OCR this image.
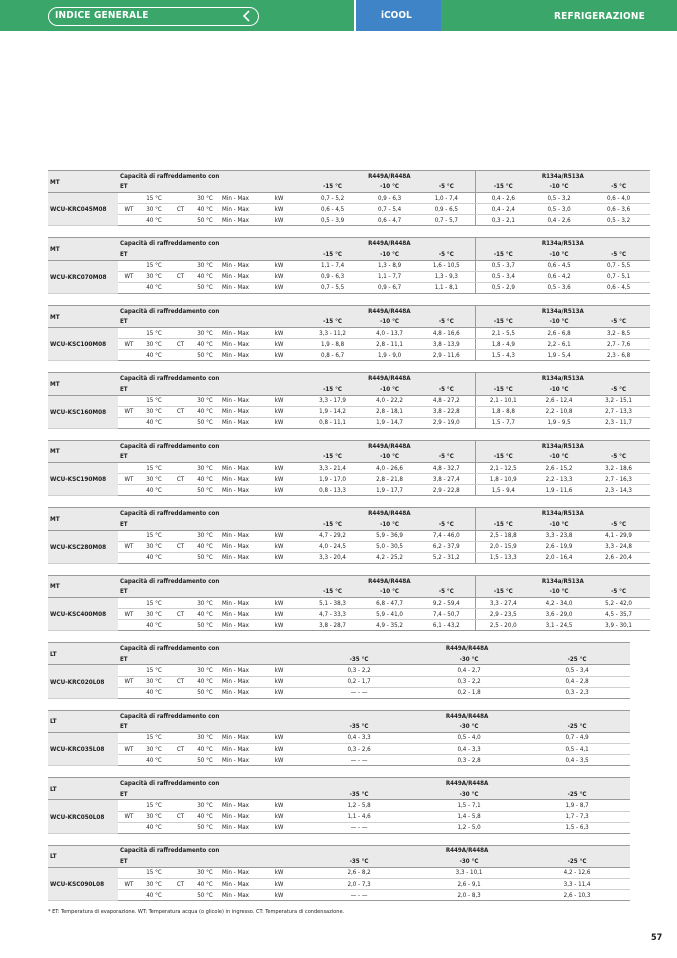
INDICE GENERALE	iCOOL	REFRIGERAZIONE
MT	Capacità di raffreddamento con						R449A/R448A			R134a/R513A		
	ET						-15 °C	-10 °C	-5 °C	-15 °C	-10 °C	-5 °C
WCU-KRC045M08		15 °C		30 °C	Min - Max	kW	0,7 - 5,2	0,9 - 6,3	1,0 - 7,4	0,4 - 2,6	0,5 - 3,2	0,6 - 4,0
	WT	30 °C	CT	40 °C	Min - Max	kW	0,6 - 4,5	0,7 - 5,4	0,9 - 6,5	0,4 - 2,4	0,5 - 3,0	0,6 - 3,6
		40 °C		50 °C	Min - Max	kW	0,5 - 3,9	0,6 - 4,7	0,7 - 5,7	0,3 - 2,1	0,4 - 2,6	0,5 - 3,2
MT	Capacità di raffreddamento con						R449A/R448A			R134a/R513A		
	ET						-15 °C	-10 °C	-5 °C	-15 °C	-10 °C	-5 °C
WCU-KRC070M08		15 °C		30 °C	Min - Max	kW	1,1 - 7,4	1,3 - 8,9	1,6 - 10,5	0,5 - 3,7	0,6 - 4,5	0,7 - 5,5
	WT	30 °C	CT	40 °C	Min - Max	kW	0,9 - 6,3	1,1 - 7,7	1,3 - 9,3	0,5 - 3,4	0,6 - 4,2	0,7 - 5,1
		40 °C		50 °C	Min - Max	kW	0,7 - 5,5	0,9 - 6,7	1,1 - 8,1	0,5 - 2,9	0,5 - 3,6	0,6 - 4,5
MT	Capacità di raffreddamento con						R449A/R448A			R134a/R513A		
	ET						-15 °C	-10 °C	-5 °C	-15 °C	-10 °C	-5 °C
WCU-KSC100M08		15 °C		30 °C	Min - Max	kW	3,3 - 11,2	4,0 - 13,7	4,8 - 16,6	2,1 - 5,5	2,6 - 6,8	3,2 - 8,5
	WT	30 °C	CT	40 °C	Min - Max	kW	1,9 - 8,8	2,8 - 11,1	3,8 - 13,9	1,8 - 4,9	2,2 - 6,1	2,7 - 7,6
		40 °C		50 °C	Min - Max	kW	0,8 - 6,7	1,9 - 9,0	2,9 - 11,6	1,5 - 4,3	1,9 - 5,4	2,3 - 6,8
MT	Capacità di raffreddamento con						R449A/R448A			R134a/R513A		
	ET						-15 °C	-10 °C	-5 °C	-15 °C	-10 °C	-5 °C
WCU-KSC160M08		15 °C		30 °C	Min - Max	kW	3,3 - 17,9	4,0 - 22,2	4,8 - 27,2	2,1 - 10,1	2,6 - 12,4	3,2 - 15,1
	WT	30 °C	CT	40 °C	Min - Max	kW	1,9 - 14,2	2,8 - 18,1	3,8 - 22,8	1,8 - 8,8	2,2 - 10,8	2,7 - 13,3
		40 °C		50 °C	Min - Max	kW	0,8 - 11,1	1,9 - 14,7	2,9 - 19,0	1,5 - 7,7	1,9 - 9,5	2,3 - 11,7
MT	Capacità di raffreddamento con						R449A/R448A			R134a/R513A		
	ET						-15 °C	-10 °C	-5 °C	-15 °C	-10 °C	-5 °C
WCU-KSC190M08		15 °C		30 °C	Min - Max	kW	3,3 - 21,4	4,0 - 26,6	4,8 - 32,7	2,1 - 12,5	2,6 - 15,2	3,2 - 18,6
	WT	30 °C	CT	40 °C	Min - Max	kW	1,9 - 17,0	2,8 - 21,8	3,8 - 27,4	1,8 - 10,9	2,2 - 13,3	2,7 - 16,3
		40 °C		50 °C	Min - Max	kW	0,8 - 13,3	1,9 - 17,7	2,9 - 22,8	1,5 - 9,4	1,9 - 11,6	2,3 - 14,3
MT	Capacità di raffreddamento con						R449A/R448A			R134a/R513A		
	ET						-15 °C	-10 °C	-5 °C	-15 °C	-10 °C	-5 °C
WCU-KSC280M08		15 °C		30 °C	Min - Max	kW	4,7 - 29,2	5,9 - 36,9	7,4 - 46,0	2,5 - 18,8	3,3 - 23,8	4,1 - 29,9
	WT	30 °C	CT	40 °C	Min - Max	kW	4,0 - 24,5	5,0 - 30,5	6,2 - 37,9	2,0 - 15,9	2,6 - 19,9	3,3 - 24,8
		40 °C		50 °C	Min - Max	kW	3,3 - 20,4	4,2 - 25,2	5,2 - 31,2	1,5 - 13,3	2,0 - 16,4	2,6 - 20,4
MT	Capacità di raffreddamento con						R449A/R448A			R134a/R513A		
	ET						-15 °C	-10 °C	-5 °C	-15 °C	-10 °C	-5 °C
WCU-KSC400M08		15 °C		30 °C	Min - Max	kW	5,1 - 38,3	6,8 - 47,7	9,2 - 59,4	3,3 - 27,4	4,2 - 34,0	5,2 - 42,0
	WT	30 °C	CT	40 °C	Min - Max	kW	4,7 - 33,3	5,9 - 41,0	7,4 - 50,7	2,9 - 23,5	3,6 - 29,0	4,5 - 35,7
		40 °C		50 °C	Min - Max	kW	3,8 - 28,7	4,9 - 35,2	6,1 - 43,2	2,5 - 20,0	3,1 - 24,5	3,9 - 30,1
LT	Capacità di raffreddamento con						R449A/R448A		
	ET						-35 °C	-30 °C	-25 °C
WCU-KRC020L08		15 °C		30 °C	Min - Max	kW	0,3 - 2,2	0,4 - 2,7	0,5 - 3,4
	WT	30 °C	CT	40 °C	Min - Max	kW	0,2 - 1,7	0,3 - 2,2	0,4 - 2,8
		40 °C		50 °C	Min - Max	kW	— - —	0,2 - 1,8	0,3 - 2,3
LT	Capacità di raffreddamento con						R449A/R448A		
	ET						-35 °C	-30 °C	-25 °C
WCU-KRC035L08		15 °C		30 °C	Min - Max	kW	0,4 - 3,3	0,5 - 4,0	0,7 - 4,9
	WT	30 °C	CT	40 °C	Min - Max	kW	0,3 - 2,6	0,4 - 3,3	0,5 - 4,1
		40 °C		50 °C	Min - Max	kW	— - —	0,3 - 2,8	0,4 - 3,5
LT	Capacità di raffreddamento con						R449A/R448A		
	ET						-35 °C	-30 °C	-25 °C
WCU-KRC050L08		15 °C		30 °C	Min - Max	kW	1,2 - 5,8	1,5 - 7,1	1,9 - 8,7
	WT	30 °C	CT	40 °C	Min - Max	kW	1,1 - 4,6	1,4 - 5,8	1,7 - 7,3
		40 °C		50 °C	Min - Max	kW	— - —	1,2 - 5,0	1,5 - 6,3
LT	Capacità di raffreddamento con						R449A/R448A		
	ET						-35 °C	-30 °C	-25 °C
WCU-KSC090L08		15 °C		30 °C	Min - Max	kW	2,6 - 8,2	3,3 - 10,1	4,2 - 12,6
	WT	30 °C	CT	40 °C	Min - Max	kW	2,0 - 7,3	2,6 - 9,1	3,3 - 11,4
		40 °C		50 °C	Min - Max	kW	— - —	2,0 - 8,3	2,6 - 10,3
* ET: Temperatura di evaporazione. WT: Temperatura acqua (o glicole) in ingresso. CT: Temperatura di condensazione.
57
